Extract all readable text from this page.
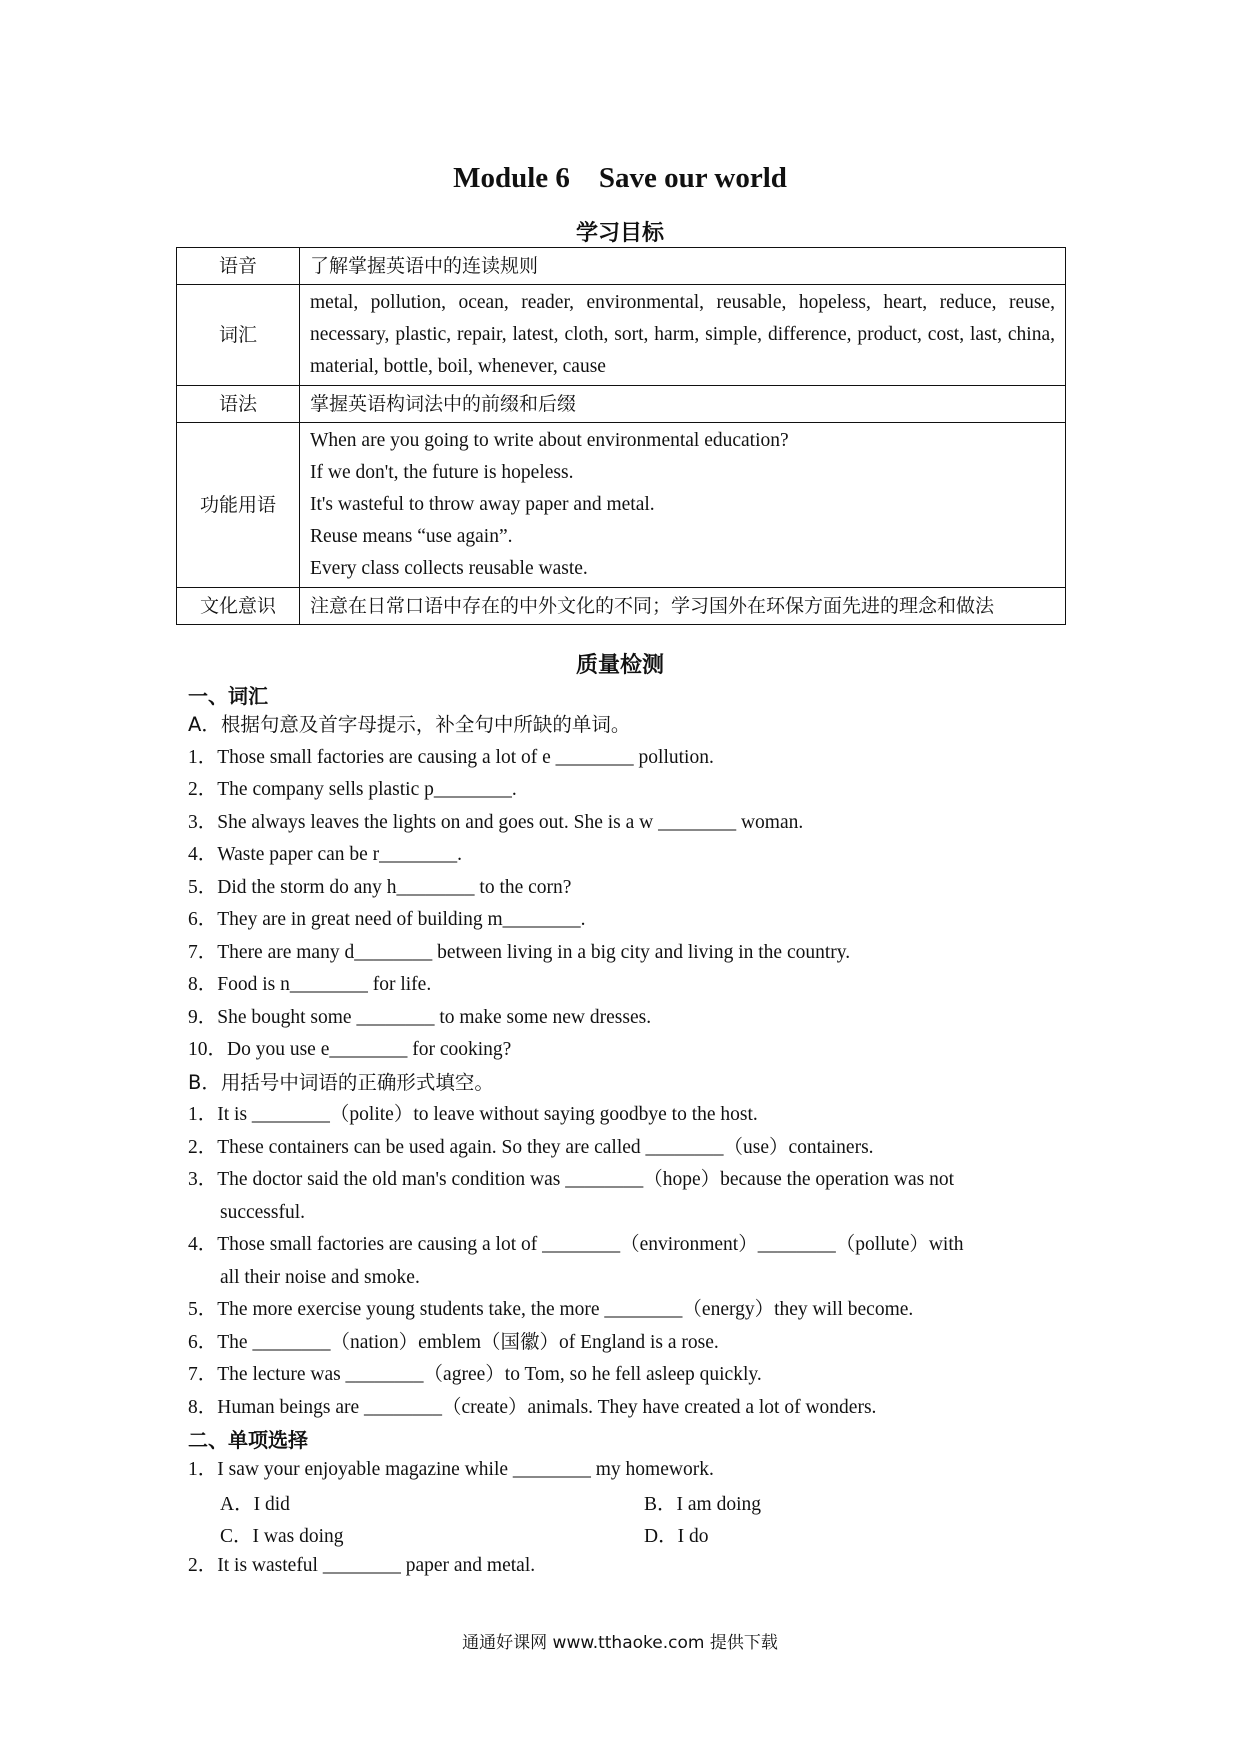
Module 6    Save our world
学习目标
语音	了解掌握英语中的连读规则
词汇	metal, pollution, ocean, reader, environmental, reusable, hopeless, heart, reduce, reuse, necessary, plastic, repair, latest, cloth, sort, harm, simple, difference, product, cost, last, china, material, bottle, boil, whenever, cause
语法	掌握英语构词法中的前缀和后缀
功能用语	When are you going to write about environmental education?
If we don't, the future is hopeless.
It's wasteful to throw away paper and metal.
Reuse means “use again”.
Every class collects reusable waste.

文化意识	注意在日常口语中存在的中外文化的不同；学习国外在环保方面先进的理念和做法
质量检测
一、词汇
A．根据句意及首字母提示，补全句中所缺的单词。
1．Those small factories are causing a lot of e ________ pollution.
2．The company sells plastic p________.
3．She always leaves the lights on and goes out. She is a w ________ woman.
4．Waste paper can be r________.
5．Did the storm do any h________ to the corn?
6．They are in great need of building m________.
7．There are many d________ between living in a big city and living in the country.
8．Food is n________ for life.
9．She bought some ________ to make some new dresses.
10．Do you use e________ for cooking?
B．用括号中词语的正确形式填空。
1．It is ________（polite）to leave without saying goodbye to the host.
2．These containers can be used again. So they are called ________（use）containers.
3．The doctor said the old man's condition was ________（hope）because the operation was not
successful.
4．Those small factories are causing a lot of ________（environment）________（pollute）with
all their noise and smoke.
5．The more exercise young students take, the more ________（energy）they will become.
6．The ________（nation）emblem（国徽）of England is a rose.
7．The lecture was ________（agree）to Tom, so he fell asleep quickly.
8．Human beings are ________（create）animals. They have created a lot of wonders.
二、单项选择
1．I saw your enjoyable magazine while ________ my homework.
A．I did	B．I am doing
C．I was doing	D．I do
2．It is wasteful ________ paper and metal.
通通好课网 www.tthaoke.com 提供下载
